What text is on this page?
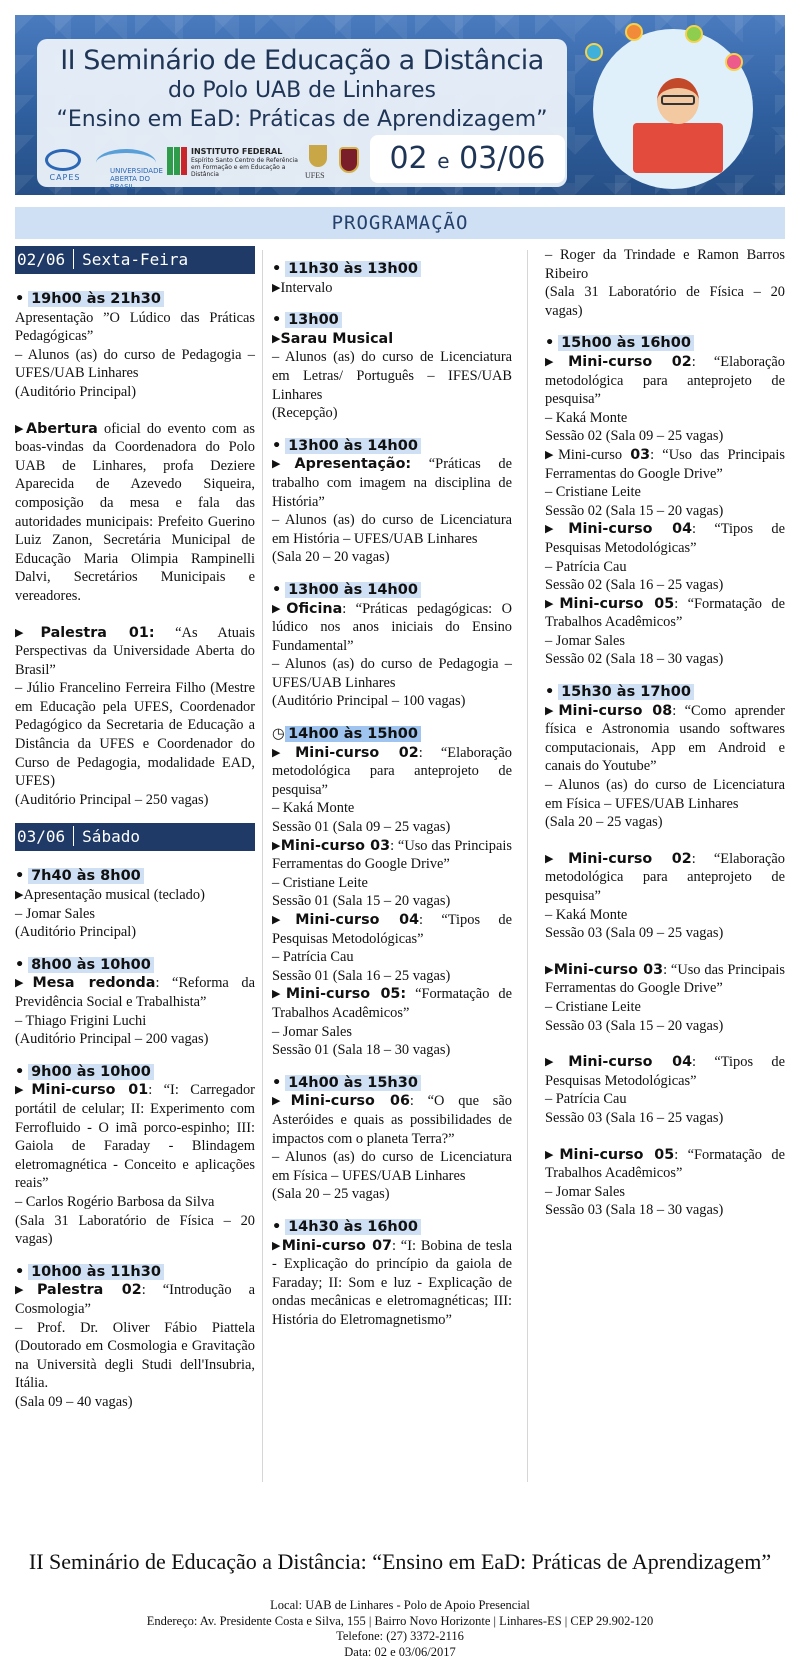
II Seminário de Educação a Distância
do Polo UAB de Linhares
“Ensino em EaD: Práticas de Aprendizagem”
02 e 03/06
CAPES
UNIVERSIDADE ABERTA DO BRASIL
INSTITUTO FEDERAL
Espírito Santo Centro de Referência em Formação e em Educação a Distância	UFES
PROGRAMAÇÃO
02/06 Sexta-Feira
• 19h00 às 21h30

Apresentação ”O Lúdico das Práticas Pedagógicas”

– Alunos (as) do curso de Pedagogia – UFES/UAB Linhares

(Auditório Principal)

▶Abertura oficial do evento com as boas-vindas da Coordenadora do Polo UAB de Linhares, profa Deziere Aparecida de Azevedo Siqueira, composição da mesa e fala das autoridades municipais: Prefeito Guerino Luiz Zanon, Secretária Municipal de Educação Maria Olimpia Rampinelli Dalvi, Secretários Municipais e vereadores.

▶Palestra 01: “As Atuais Perspectivas da Universidade Aberta do Brasil”

– Júlio Francelino Ferreira Filho (Mestre em Educação pela UFES, Coordenador Pedagógico da Secretaria de Educação a Distância da UFES e Coordenador do Curso de Pedagogia, modalidade EAD, UFES)

(Auditório Principal – 250 vagas)

03/06 Sábado
• 7h40 às 8h00

▶Apresentação musical (teclado)

– Jomar Sales

(Auditório Principal)

• 8h00 às 10h00

▶Mesa redonda: “Reforma da Previdência Social e Trabalhista”

– Thiago Frigini Luchi

(Auditório Principal – 200 vagas)

• 9h00 às 10h00

▶Mini-curso 01: “I: Carregador portátil de celular; II: Experimento com Ferrofluido - O imã porco-espinho; III: Gaiola de Faraday - Blindagem eletromagnética - Conceito e aplicações reais”

– Carlos Rogério Barbosa da Silva

(Sala 31 Laboratório de Física – 20 vagas)

• 10h00 às 11h30

▶Palestra 02: “Introdução a Cosmologia”

– Prof. Dr. Oliver Fábio Piattela (Doutorado em Cosmologia e Gravitação na Università degli Studi dell'Insubria, Itália.

(Sala 09 – 40 vagas)

• 11h30 às 13h00

▶Intervalo

• 13h00

▶Sarau Musical

– Alunos (as) do curso de Licenciatura em Letras/ Português – IFES/UAB Linhares

(Recepção)

• 13h00 às 14h00

▶Apresentação: “Práticas de trabalho com imagem na disciplina de História”

– Alunos (as) do curso de Licenciatura em História – UFES/UAB Linhares

(Sala 20 – 20 vagas)

• 13h00 às 14h00

▶Oficina: “Práticas pedagógicas: O lúdico nos anos iniciais do Ensino Fundamental”

– Alunos (as) do curso de Pedagogia – UFES/UAB Linhares

(Auditório Principal – 100 vagas)

◷ 14h00 às 15h00

▶Mini-curso 02: “Elaboração metodológica para anteprojeto de pesquisa”

– Kaká Monte

Sessão 01 (Sala 09 – 25 vagas)

▶Mini-curso 03: “Uso das Principais Ferramentas do Google Drive”

– Cristiane Leite

Sessão 01 (Sala 15 – 20 vagas)

▶Mini-curso 04: “Tipos de Pesquisas Metodológicas”

– Patrícia Cau

Sessão 01 (Sala 16 – 25 vagas)

▶Mini-curso 05: “Formatação de Trabalhos Acadêmicos”

– Jomar Sales

Sessão 01 (Sala 18 – 30 vagas)

• 14h00 às 15h30

▶Mini-curso 06: “O que são Asteróides e quais as possibilidades de impactos com o planeta Terra?”

– Alunos (as) do curso de Licenciatura em Física – UFES/UAB Linhares

(Sala 20 – 25 vagas)

• 14h30 às 16h00

▶Mini-curso 07: “I: Bobina de tesla - Explicação do princípio da gaiola de Faraday; II: Som e luz - Explicação de ondas mecânicas e eletromagnéticas; III: História do Eletromagnetismo”

– Roger da Trindade e Ramon Barros Ribeiro

(Sala 31 Laboratório de Física – 20 vagas)

• 15h00 às 16h00

▶Mini-curso 02: “Elaboração metodológica para anteprojeto de pesquisa”

– Kaká Monte

Sessão 02 (Sala 09 – 25 vagas)

▶Mini-curso 03: “Uso das Principais Ferramentas do Google Drive”

– Cristiane Leite

Sessão 02 (Sala 15 – 20 vagas)

▶Mini-curso 04: “Tipos de Pesquisas Metodológicas”

– Patrícia Cau

Sessão 02 (Sala 16 – 25 vagas)

▶Mini-curso 05: “Formatação de Trabalhos Acadêmicos”

– Jomar Sales

Sessão 02 (Sala 18 – 30 vagas)

• 15h30 às 17h00

▶Mini-curso 08: “Como aprender física e Astronomia usando softwares computacionais, App em Android e canais do Youtube”

– Alunos (as) do curso de Licenciatura em Física – UFES/UAB Linhares

(Sala 20 – 25 vagas)

▶Mini-curso 02: “Elaboração metodológica para anteprojeto de pesquisa”

– Kaká Monte

Sessão 03 (Sala 09 – 25 vagas)

▶Mini-curso 03: “Uso das Principais Ferramentas do Google Drive”

– Cristiane Leite

Sessão 03 (Sala 15 – 20 vagas)

▶Mini-curso 04: “Tipos de Pesquisas Metodológicas”

– Patrícia Cau

Sessão 03 (Sala 16 – 25 vagas)

▶Mini-curso 05: “Formatação de Trabalhos Acadêmicos”

– Jomar Sales

Sessão 03 (Sala 18 – 30 vagas)

II Seminário de Educação a Distância: “Ensino em EaD: Práticas de Aprendizagem”
Local: UAB de Linhares - Polo de Apoio Presencial
Endereço: Av. Presidente Costa e Silva, 155 | Bairro Novo Horizonte | Linhares-ES | CEP 29.902-120
Telefone: (27) 3372-2116
Data: 02 e 03/06/2017
